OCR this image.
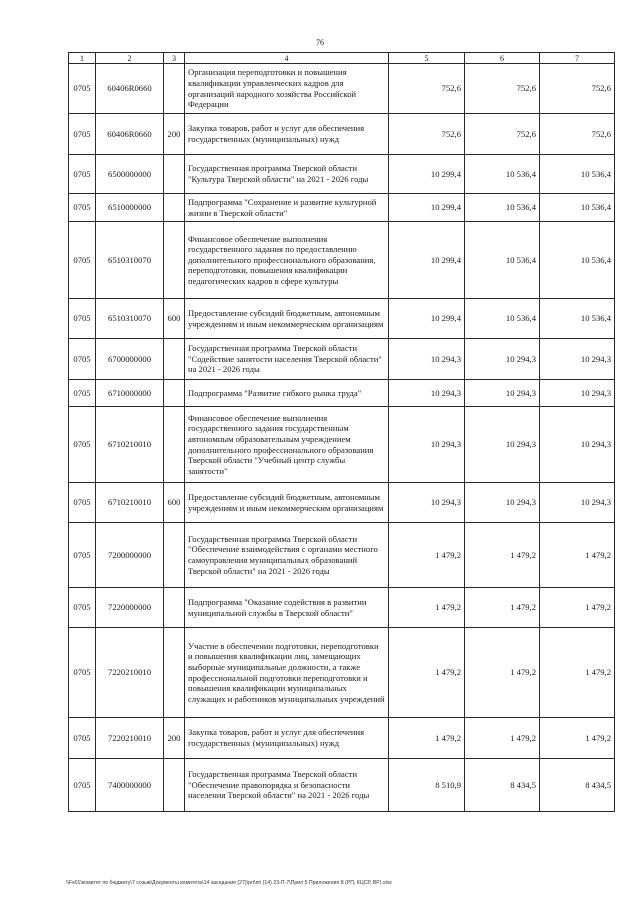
76
1	2	3	4	5	6	7
0705	60406R0660		Организация переподготовки и повышения квалификации управленческих кадров для организаций народного хозяйства Российской Федерации	752,6	752,6	752,6
0705	60406R0660	200	Закупка товаров, работ и услуг для обеспечения государственных (муниципальных) нужд	752,6	752,6	752,6
0705	6500000000		Государственная программа Тверской области "Культура Тверской области" на 2021 - 2026 годы	10 299,4	10 536,4	10 536,4
0705	6510000000		Подпрограмма "Сохранение и развитие культурной жизни в Тверской области"	10 299,4	10 536,4	10 536,4
0705	6510310070		Финансовое обеспечение выполнения государственного задания по предоставлению дополнительного профессионального образования, переподготовки, повышения квалификации педагогических кадров в сфере культуры	10 299,4	10 536,4	10 536,4
0705	6510310070	600	Предоставление субсидий бюджетным, автономным учреждениям и иным некоммерческим организациям	10 299,4	10 536,4	10 536,4
0705	6700000000		Государственная программа Тверской области "Содействие занятости населения Тверской области" на 2021 - 2026 годы	10 294,3	10 294,3	10 294,3
0705	6710000000		Подпрограмма "Развитие гибкого рынка труда"	10 294,3	10 294,3	10 294,3
0705	6710210010		Финансовое обеспечение выполнения государственного задания государственным автономным образовательным учреждением дополнительного профессионального образования Тверской области "Учебный центр службы занятости"	10 294,3	10 294,3	10 294,3
0705	6710210010	600	Предоставление субсидий бюджетным, автономным учреждениям и иным некоммерческим организациям	10 294,3	10 294,3	10 294,3
0705	7200000000		Государственная программа Тверской области "Обеспечение взаимодействия с органами местного самоуправления муниципальных образований Тверской области" на 2021 - 2026 годы	1 479,2	1 479,2	1 479,2
0705	7220000000		Подпрограмма "Оказание содействия в развитии муниципальной службы в Тверской области"	1 479,2	1 479,2	1 479,2
0705	7220210010		Участие в обеспечении подготовки, переподготовки и повышения квалификации лиц, замещающих выборные муниципальные должности, а также профессиональной подготовки переподготовки и повышения квалификации муниципальных служащих и работников муниципальных учреждений	1 479,2	1 479,2	1 479,2
0705	7220210010	200	Закупка товаров, работ и услуг для обеспечения государственных (муниципальных) нужд	1 479,2	1 479,2	1 479,2
0705	7400000000		Государственная программа Тверской области "Обеспечение правопорядка и безопасности населения Тверской области" на 2021 - 2026 годы	8 510,9	8 434,5	8 434,5
\\Fs01\комитет по бюджету\7 созыв\Документы комитета\14 заседание (27)\prt\пп (14) 23-П-7\Прил 5 Приложения 8 (РП, КЦСР, ВР).xlsx
